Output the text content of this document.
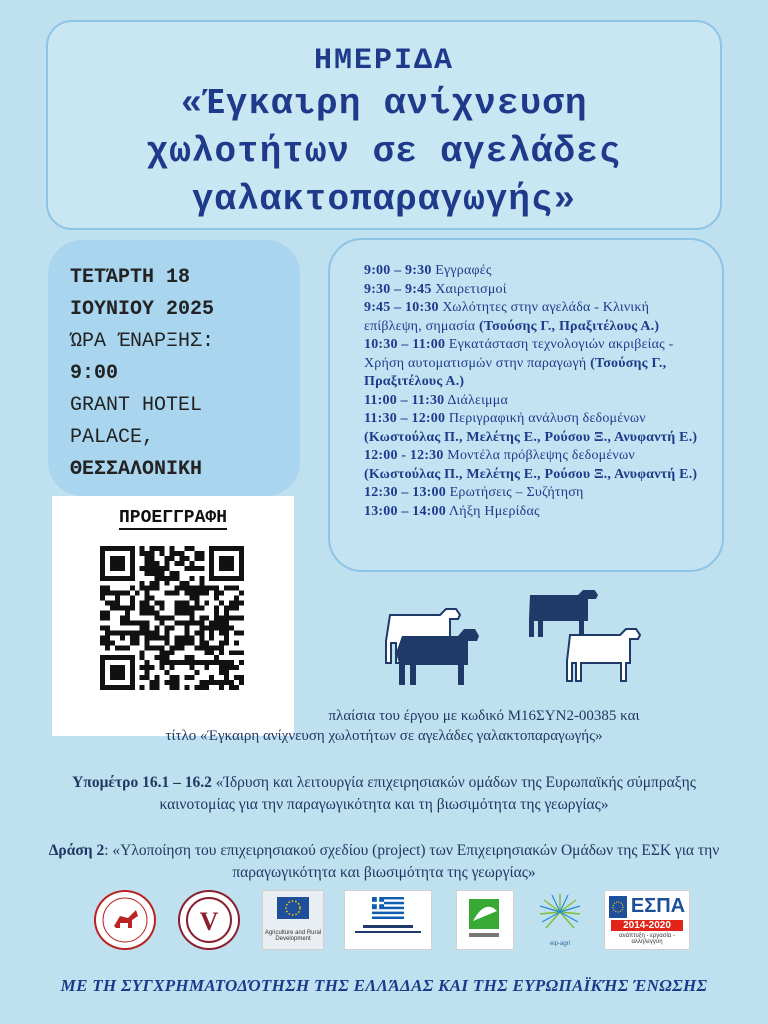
ΗΜΕΡΙΔΑ
«Έγκαιρη ανίχνευση
χωλοτήτων σε αγελάδες
γαλακτοπαραγωγής»
ΤΕΤΆΡΤΗ 18
ΙΟΥΝΙΟΥ 2025
ΏΡΑ ΈΝΑΡΞΗΣ:
9:00
GRANT HOTEL
PALACE,
ΘΕΣΣΑΛΟΝΙΚΗ

9:00 – 9:30 Εγγραφές

9:30 – 9:45 Χαιρετισμοί

9:45 – 10:30 Χωλότητες στην αγελάδα - Κλινική επίβλεψη, σημασία (Τσούσης Γ., Πραξιτέλους Α.)

10:30 – 11:00 Εγκατάσταση τεχνολογιών ακριβείας - Χρήση αυτοματισμών στην παραγωγή (Τσούσης Γ., Πραξιτέλους Α.)

11:00 – 11:30 Διάλειμμα

11:30 – 12:00 Περιγραφική ανάλυση δεδομένων (Κωστούλας Π., Μελέτης Ε., Ρούσου Ξ., Ανυφαντή Ε.)

12:00 - 12:30 Μοντέλα πρόβλεψης δεδομένων (Κωστούλας Π., Μελέτης Ε., Ρούσου Ξ., Ανυφαντή Ε.)

12:30 – 13:00 Ερωτήσεις – Συζήτηση

13:00 – 14:00 Λήξη Ημερίδας

ΠΡΟΕΓΓΡΑΦΗ
πλαίσια του έργου με κωδικό Μ16ΣΥΝ2-00385 και
τίτλο «Έγκαιρη ανίχνευση χωλοτήτων σε αγελάδες γαλακτοπαραγωγής»
Υπομέτρο 16.1 – 16.2 «Ίδρυση και λειτουργία επιχειρησιακών ομάδων της Ευρωπαϊκής σύμπραξης καινοτομίας για την παραγωγικότητα και τη βιωσιμότητα της γεωργίας»
Δράση 2: «Υλοποίηση του επιχειρησιακού σχεδίου (project) των Επιχειρησιακών Ομάδων της ΕΣΚ για την παραγωγικότητα και βιωσιμότητα της γεωργίας»
V	Agriculture and Rural Development
eip-agri
ΕΣΠΑ
2014-2020
ανάπτυξη - εργασία - αλληλεγγύη
ΜΕ ΤΗ ΣΥΓΧΡΗΜΑΤΟΔΌΤΗΣΗ ΤΗΣ ΕΛΛΆΔΑΣ ΚΑΙ ΤΗΣ ΕΥΡΩΠΑΪΚΉΣ ΈΝΩΣΗΣ
